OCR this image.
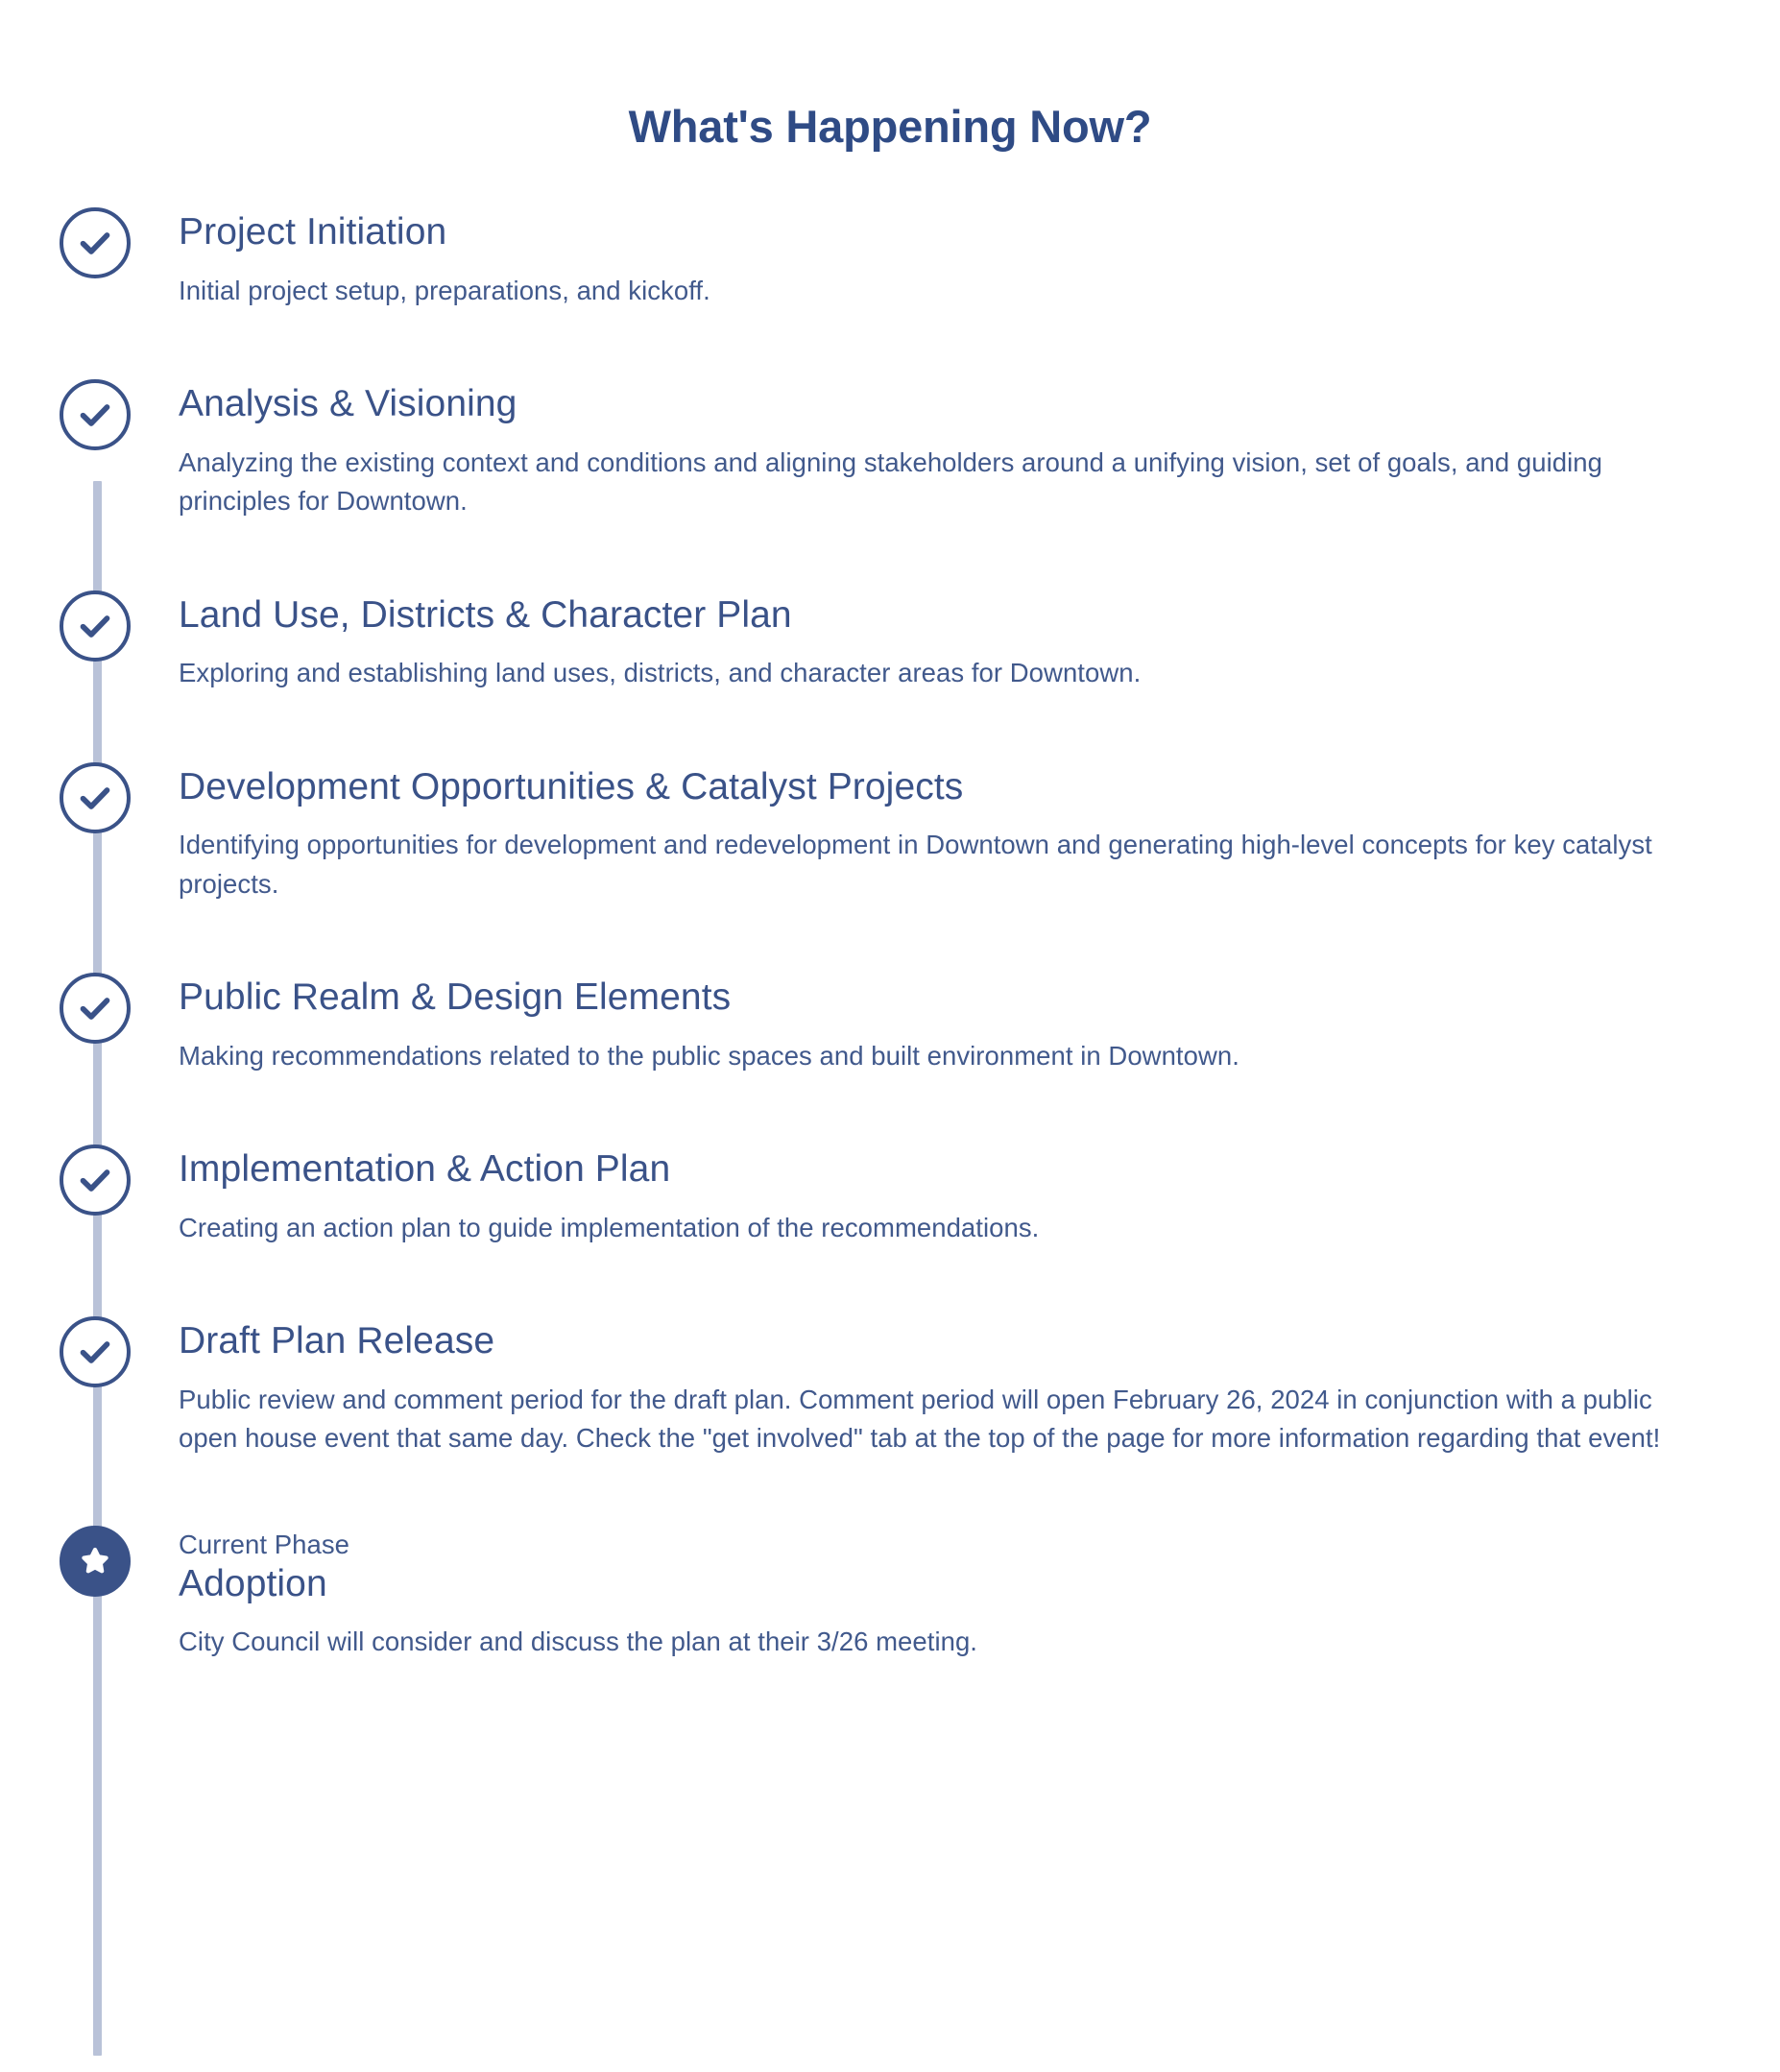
What's Happening Now?
Project Initiation

Initial project setup, preparations, and kickoff.

Analysis & Visioning

Analyzing the existing context and conditions and aligning stakeholders around a unifying vision, set of goals, and guiding principles for Downtown.

Land Use, Districts & Character Plan

Exploring and establishing land uses, districts, and character areas for Downtown.

Development Opportunities & Catalyst Projects

Identifying opportunities for development and redevelopment in Downtown and generating high-level concepts for key catalyst projects.

Public Realm & Design Elements

Making recommendations related to the public spaces and built environment in Downtown.

Implementation & Action Plan

Creating an action plan to guide implementation of the recommendations.

Draft Plan Release

Public review and comment period for the draft plan. Comment period will open February 26, 2024 in conjunction with a public open house event that same day. Check the "get involved" tab at the top of the page for more information regarding that event!

Current Phase

Adoption

City Council will consider and discuss the plan at their 3/26 meeting.
